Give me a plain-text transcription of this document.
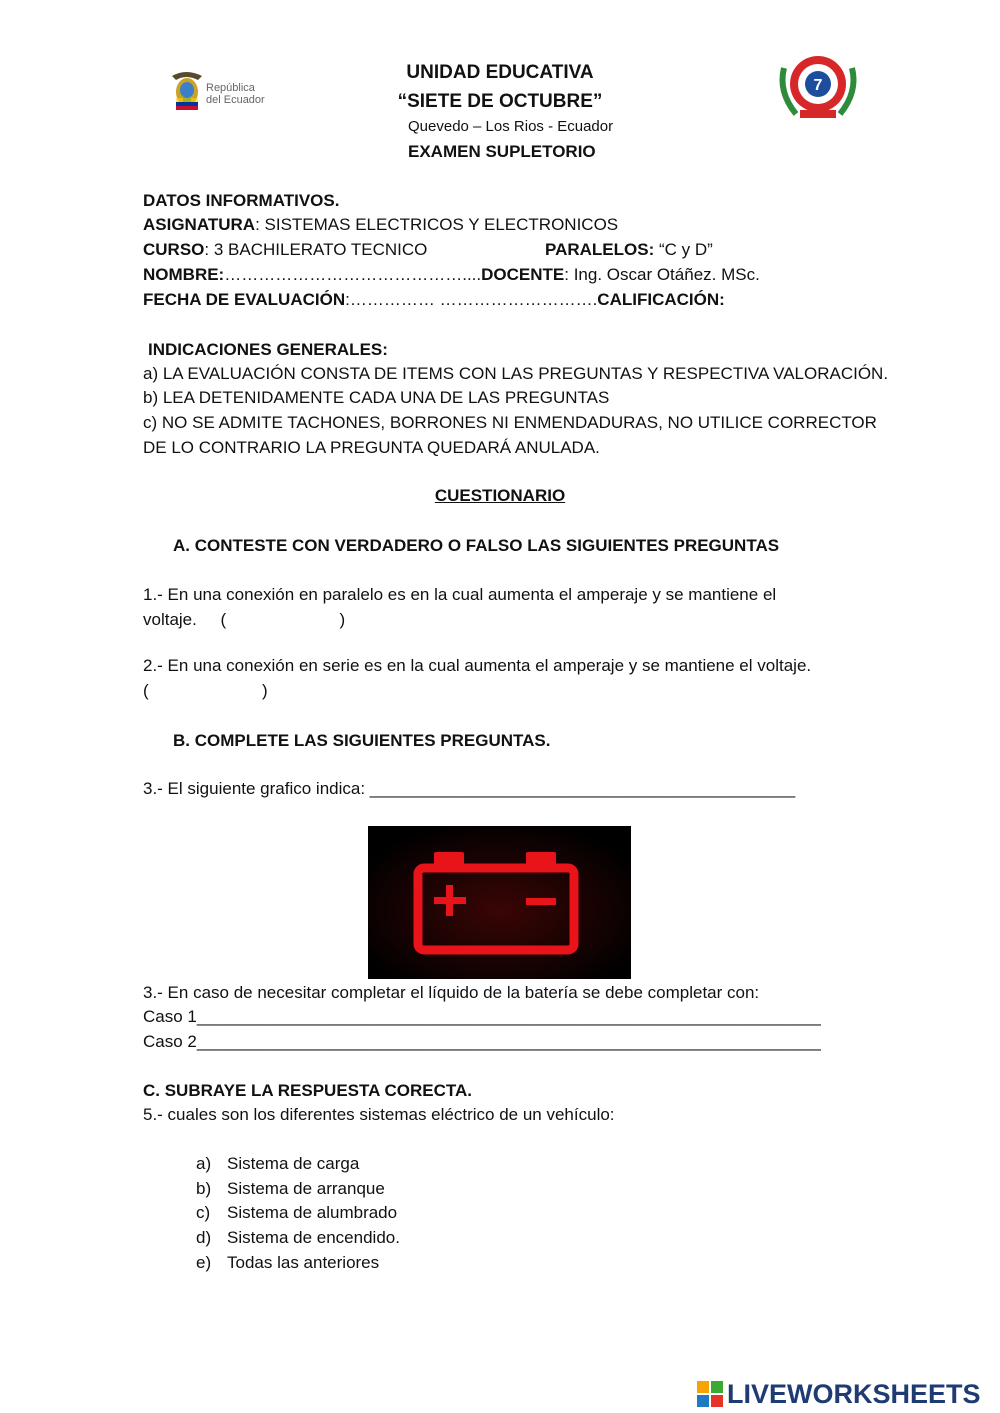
República
del Ecuador
7
UNIDAD EDUCATIVA
“SIETE DE OCTUBRE”
Quevedo – Los Rios - Ecuador
EXAMEN SUPLETORIO
DATOS INFORMATIVOS.
ASIGNATURA: SISTEMAS ELECTRICOS Y ELECTRONICOS
CURSO: 3 BACHILERATO TECNICO	PARALELOS: “C y D”
NOMBRE:……………………………………....DOCENTE: Ing. Oscar Otáñez. MSc.
FECHA DE EVALUACIÓN:…………… ……………………….CALIFICACIÓN:
INDICACIONES GENERALES:
a) LA EVALUACIÓN CONSTA DE ITEMS CON LAS PREGUNTAS Y RESPECTIVA VALORACIÓN.
b) LEA DETENIDAMENTE CADA UNA DE LAS PREGUNTAS
c) NO SE ADMITE TACHONES, BORRONES NI ENMENDADURAS, NO UTILICE CORRECTOR
DE LO CONTRARIO LA PREGUNTA QUEDARÁ ANULADA.
CUESTIONARIO
A. CONTESTE CON VERDADERO O FALSO LAS SIGUIENTES PREGUNTAS
1.- En una conexión en paralelo es en la cual aumenta el amperaje y se mantiene el
voltaje.     (                        )
2.- En una conexión en serie es en la cual aumenta el amperaje y se mantiene el voltaje.
(                        )
B. COMPLETE LAS SIGUIENTES PREGUNTAS.
3.- El siguiente grafico indica: _____________________________________________
3.- En caso de necesitar completar el líquido de la batería se debe completar con:
Caso 1__________________________________________________________________
Caso 2__________________________________________________________________
C. SUBRAYE LA RESPUESTA CORECTA.
5.- cuales son los diferentes sistemas eléctrico de un vehículo:
a) Sistema de carga
b) Sistema de arranque
c) Sistema de alumbrado
d) Sistema de encendido.
e) Todas las anteriores
LIVEWORKSHEETS
